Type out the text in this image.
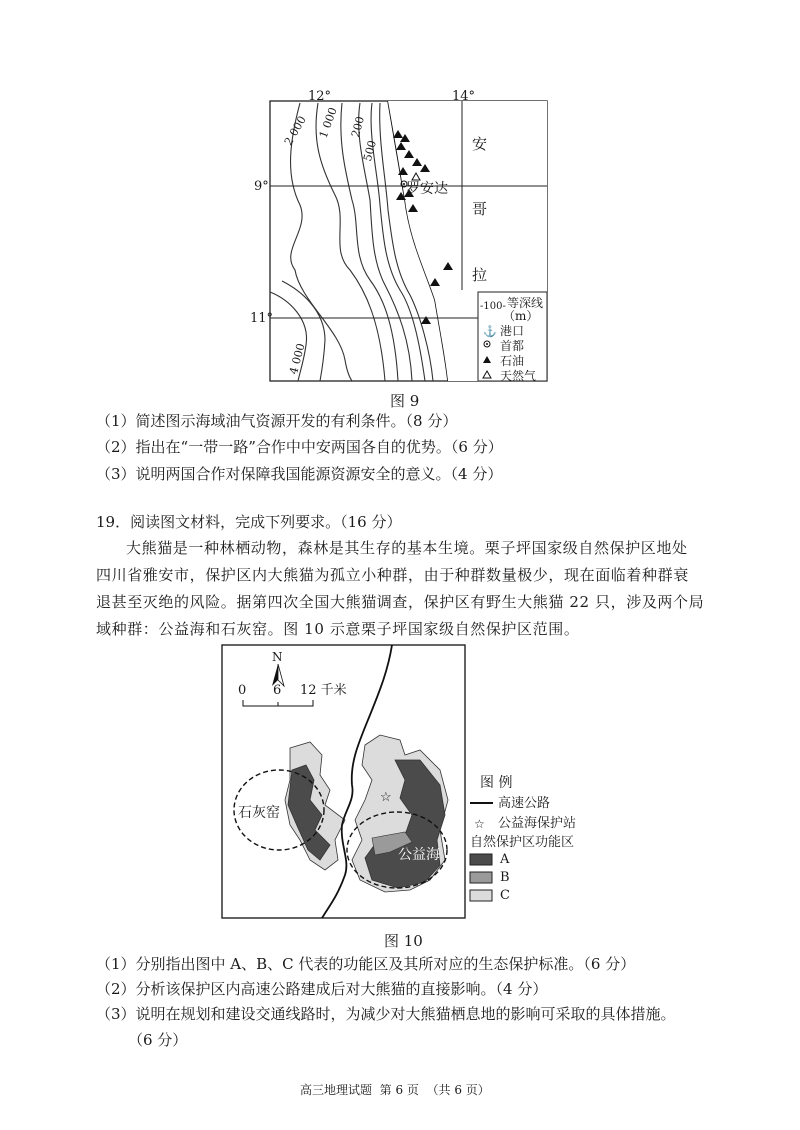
⚓
12°	14°
9°
11°
2 000 1 000 200
500
4 000
罗安达
安
哥
拉
-100- 等深线
（m）
港口
首都
石油
天然气
图 9
（1）简述图示海域油气资源开发的有利条件。（8 分）
（2）指出在“一带一路”合作中中安两国各自的优势。（6 分）
（3）说明两国合作对保障我国能源资源安全的意义。（4 分）
19．阅读图文材料，完成下列要求。（16 分）
大熊猫是一种林栖动物，森林是其生存的基本生境。栗子坪国家级自然保护区地处
四川省雅安市，保护区内大熊猫为孤立小种群，由于种群数量极少，现在面临着种群衰
退甚至灭绝的风险。据第四次全国大熊猫调查，保护区有野生大熊猫 22 只，涉及两个局
域种群：公益海和石灰窑。图 10 示意栗子坪国家级自然保护区范围。
☆
☆
N
0 6 12 千米
石灰窑
公益海
图 例
高速公路
公益海保护站
自然保护区功能区
A
B
C
图 10
（1）分别指出图中 A、B、C 代表的功能区及其所对应的生态保护标准。（6 分）
（2）分析该保护区内高速公路建成后对大熊猫的直接影响。（4 分）
（3）说明在规划和建设交通线路时，为减少对大熊猫栖息地的影响可采取的具体措施。
（6 分）
高三地理试题  第 6 页  （共 6 页）
